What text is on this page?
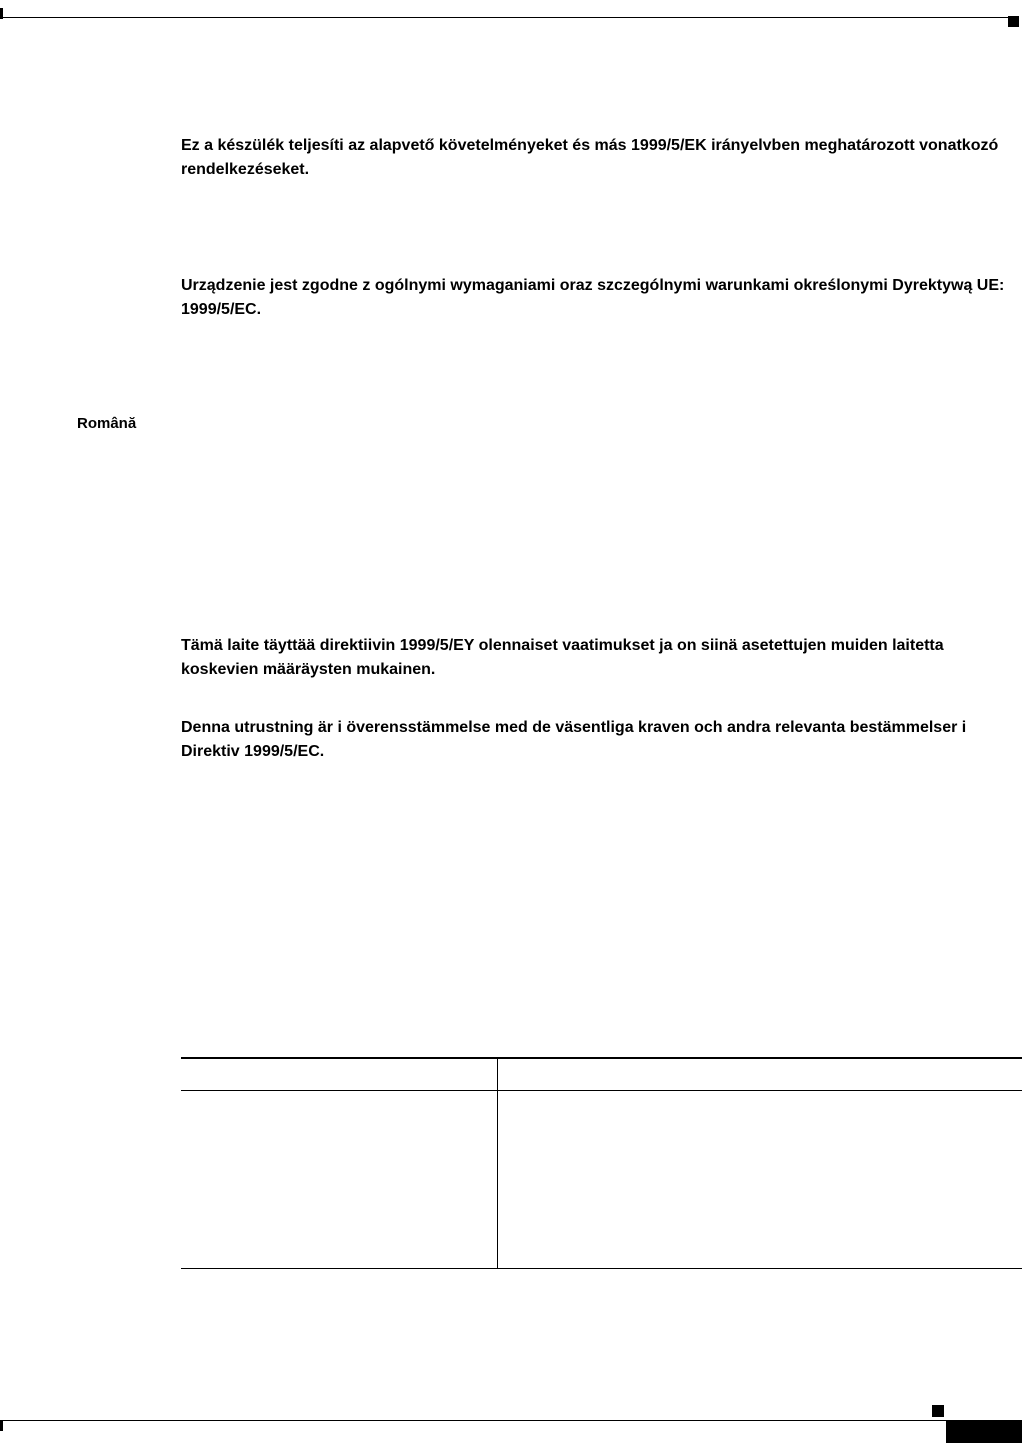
Ez a készülék teljesíti az alapvető követelményeket és más 1999/5/EK irányelvben meghatározott vonatkozó rendelkezéseket.

Urządzenie jest zgodne z ogólnymi wymaganiami oraz szczególnymi warunkami określonymi Dyrektywą UE: 1999/5/EC.

Română

Tämä laite täyttää direktiivin 1999/5/EY olennaiset vaatimukset ja on siinä asetettujen muiden laitetta koskevien määräysten mukainen.

Denna utrustning är i överensstämmelse med de väsentliga kraven och andra relevanta bestämmelser i Direktiv 1999/5/EC.
